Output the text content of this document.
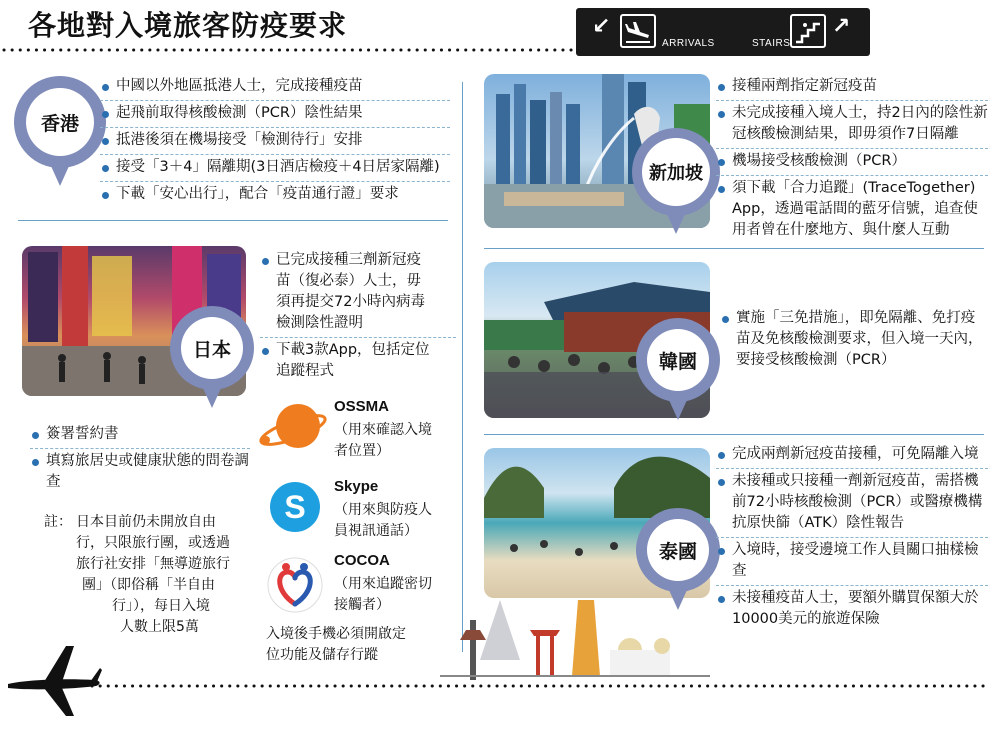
各地對入境旅客防疫要求	↙
ARRIVALS	STAIRS
↗
香港
中國以外地區抵港人士，完成接種疫苗
起飛前取得核酸檢測（PCR）陰性結果
抵港後須在機場接受「檢測待行」安排
接受「3＋4」隔離期(3日酒店檢疫＋4日居家隔離)
下載「安心出行」，配合「疫苗通行證」要求
日本
已完成接種三劑新冠疫
苗（復必泰）人士，毋
須再提交72小時內病毒
檢測陰性證明
下載3款App，包括定位
追蹤程式
OSSMA
（用來確認入境
者位置）
S
Skype
（用來與防疫人
員視訊通話）
COCOA
（用來追蹤密切
接觸者）
入境後手機必須開啟定
位功能及儲存行蹤
簽署誓約書
填寫旅居史或健康狀態的問卷調查
註： 日本目前仍未開放自由
行，只限旅行團，或透過
旅行社安排「無導遊旅行
團」（即俗稱「半自由
行」），每日入境
人數上限5萬
新加坡
接種兩劑指定新冠疫苗
未完成接種入境人士，持2日內的陰性新冠核酸檢測結果，即毋須作7日隔離
機場接受核酸檢測（PCR）
須下載「合力追蹤」(TraceTogether) App，透過電話間的藍牙信號，追查使用者曾在什麼地方、與什麼人互動
韓國
實施「三免措施」，即免隔離、免打疫苗及免核酸檢測要求，但入境一天內，要接受核酸檢測（PCR）
泰國
完成兩劑新冠疫苗接種，可免隔離入境
未接種或只接種一劑新冠疫苗，需搭機前72小時核酸檢測（PCR）或醫療機構抗原快篩（ATK）陰性報告
入境時，接受邊境工作人員關口抽樣檢查
未接種疫苗人士，要額外購買保額大於10000美元的旅遊保險
